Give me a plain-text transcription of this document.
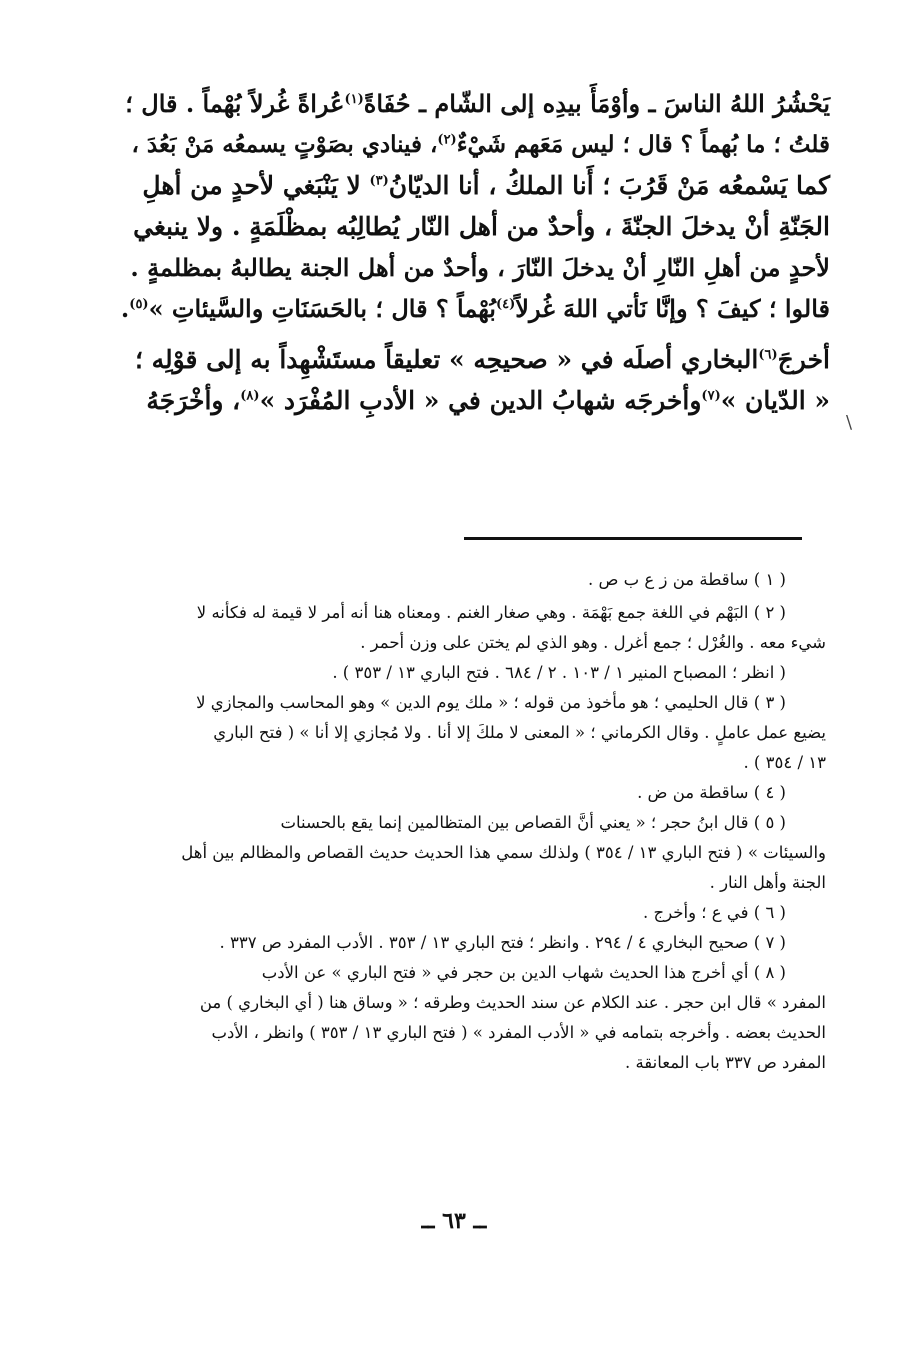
يَحْشُرُ اللهُ الناسَ ـ وأوْمَأَ بيدِه إلى الشّام ـ حُفَاةً$^{(١)}$عُراةً غُرلاً بُهْماً . قال ؛
قلتُ ؛ ما بُهماً ؟ قال ؛ ليس مَعَهم شَيْءٌ$^{(٢)}$، فينادي بصَوْتٍ يسمعُه مَنْ بَعُدَ ،
كما يَسْمعُه مَنْ قَرُبَ ؛ أَنا الملكُ ، أنا الديّانُ$^{(٣)}$ لا يَنْبَغي لأحدٍ من أهلِ
الجَنّةِ أنْ يدخلَ الجنّةَ ، وأحدٌ من أهل النّار يُطالِبُه بمظْلَمَةٍ . ولا ينبغي
لأحدٍ من أهلِ النّارِ أنْ يدخلَ النّارَ ، وأحدٌ من أهل الجنة يطالبهُ بمظلمةٍ .
قالوا ؛ كيفَ ؟ وإنَّا نَأتي اللهَ غُرلاً$^{(٤)}$بُهْماً ؟ قال ؛ بالحَسَنَاتِ والسَّيئاتِ »$^{(٥)}$.
أخرجَ$^{(٦)}$البخاري أصلَه في « صحيحِه » تعليقاً مستَشْهِداً به إلى قوْلِه ؛
« الدّيان »$^{(٧)}$وأخرجَه شهابُ الدين في « الأدبِ المُفْرَد »$^{(٨)}$، وأخْرَجَهُ
\
( ١ ) ساقطة من ز ع ب ص .
( ٢ ) البَهْم في اللغة جمع بَهْمَة . وهي صغار الغنم . ومعناه هنا أنه أمر لا قيمة له فكأنه لا
شيء معه . والغُرْل ؛ جمع أغرل . وهو الذي لم يختن على وزن أحمر .
( انظر ؛ المصباح المنير ١ / ١٠٣ . ٢ / ٦٨٤ . فتح الباري ١٣ / ٣٥٣ ) .
( ٣ ) قال الحليمي ؛ هو مأخوذ من قوله ؛ « ملك يوم الدين » وهو المحاسب والمجازي لا
يضيع عمل عاملٍ . وقال الكرماني ؛ « المعنى لا ملكَ إلا أنا . ولا مُجازي إلا أنا » ( فتح الباري
١٣ / ٣٥٤ ) .
( ٤ ) ساقطة من ض .
( ٥ ) قال ابنُ حجر ؛ « يعني أنَّ القصاص بين المتظالمين إنما يقع بالحسنات
والسيئات » ( فتح الباري ١٣ / ٣٥٤ ) ولذلك سمي هذا الحديث حديث القصاص والمظالم بين أهل
الجنة وأهل النار .
( ٦ ) في ع ؛ وأخرج .
( ٧ ) صحيح البخاري ٤ / ٢٩٤ . وانظر ؛ فتح الباري ١٣ / ٣٥٣ . الأدب المفرد ص ٣٣٧ .
( ٨ ) أي أخرج هذا الحديث شهاب الدين بن حجر في « فتح الباري » عن الأدب
المفرد » قال ابن حجر . عند الكلام عن سند الحديث وطرقه ؛ « وساق هنا ( أي البخاري ) من
الحديث بعضه . وأخرجه بتمامه في « الأدب المفرد » ( فتح الباري ١٣ / ٣٥٣ ) وانظر ، الأدب
المفرد ص ٣٣٧ باب المعانقة .
ــ ٦٣ ــ
